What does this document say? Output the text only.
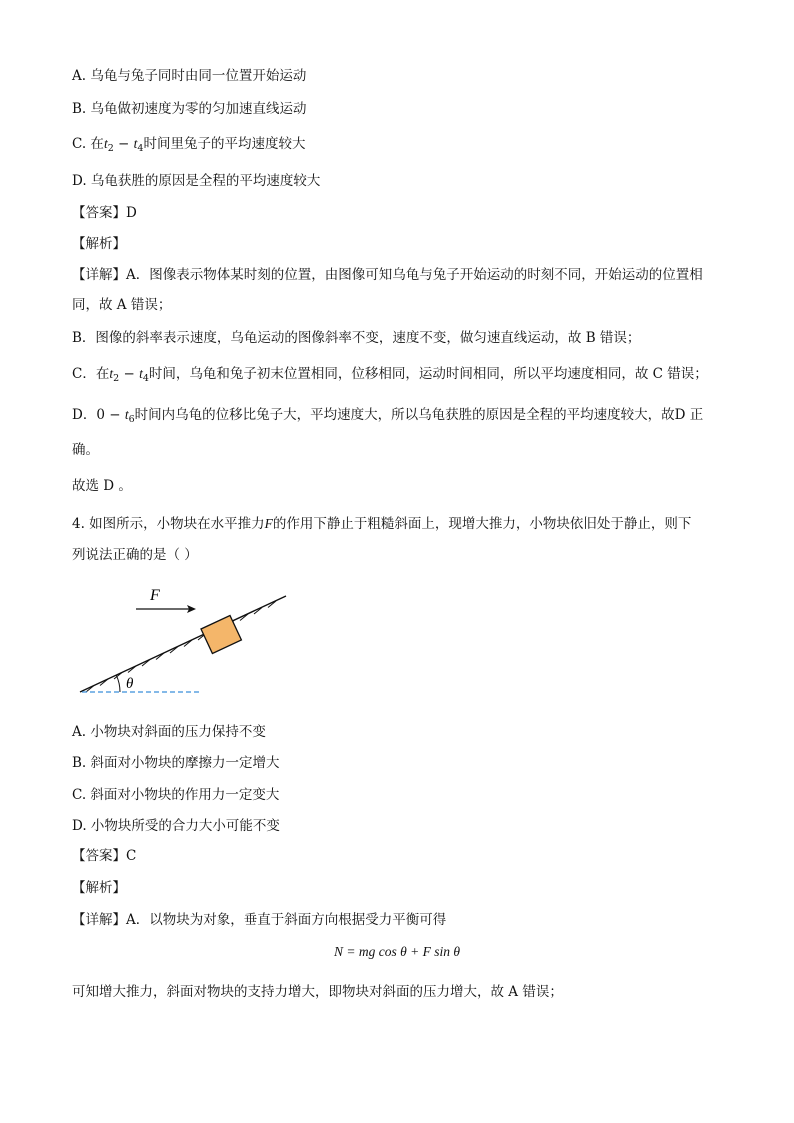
A. 乌龟与兔子同时由同一位置开始运动
B. 乌龟做初速度为零的匀加速直线运动
C. 在$t_2 - t_4$时间里兔子的平均速度较大
D. 乌龟获胜的原因是全程的平均速度较大
【答案】D
【解析】
【详解】A．图像表示物体某时刻的位置，由图像可知乌龟与兔子开始运动的时刻不同，开始运动的位置相
同，故 A 错误；
B．图像的斜率表示速度，乌龟运动的图像斜率不变，速度不变，做匀速直线运动，故 B 错误；
C．在$t_2 - t_4$时间，乌龟和兔子初末位置相同，位移相同，运动时间相同，所以平均速度相同，故 C 错误；
D．$0 - t_6$时间内乌龟的位移比兔子大，平均速度大，所以乌龟获胜的原因是全程的平均速度较大，故D 正
确。
故选 D 。
4. 如图所示，小物块在水平推力F的作用下静止于粗糙斜面上，现增大推力，小物块依旧处于静止，则下
列说法正确的是（ ）
θ
F
A. 小物块对斜面的压力保持不变
B. 斜面对小物块的摩擦力一定增大
C. 斜面对小物块的作用力一定变大
D. 小物块所受的合力大小可能不变
【答案】C
【解析】
【详解】A．以物块为对象，垂直于斜面方向根据受力平衡可得
N = mg cos θ + F sin θ
可知增大推力，斜面对物块的支持力增大，即物块对斜面的压力增大，故 A 错误；
